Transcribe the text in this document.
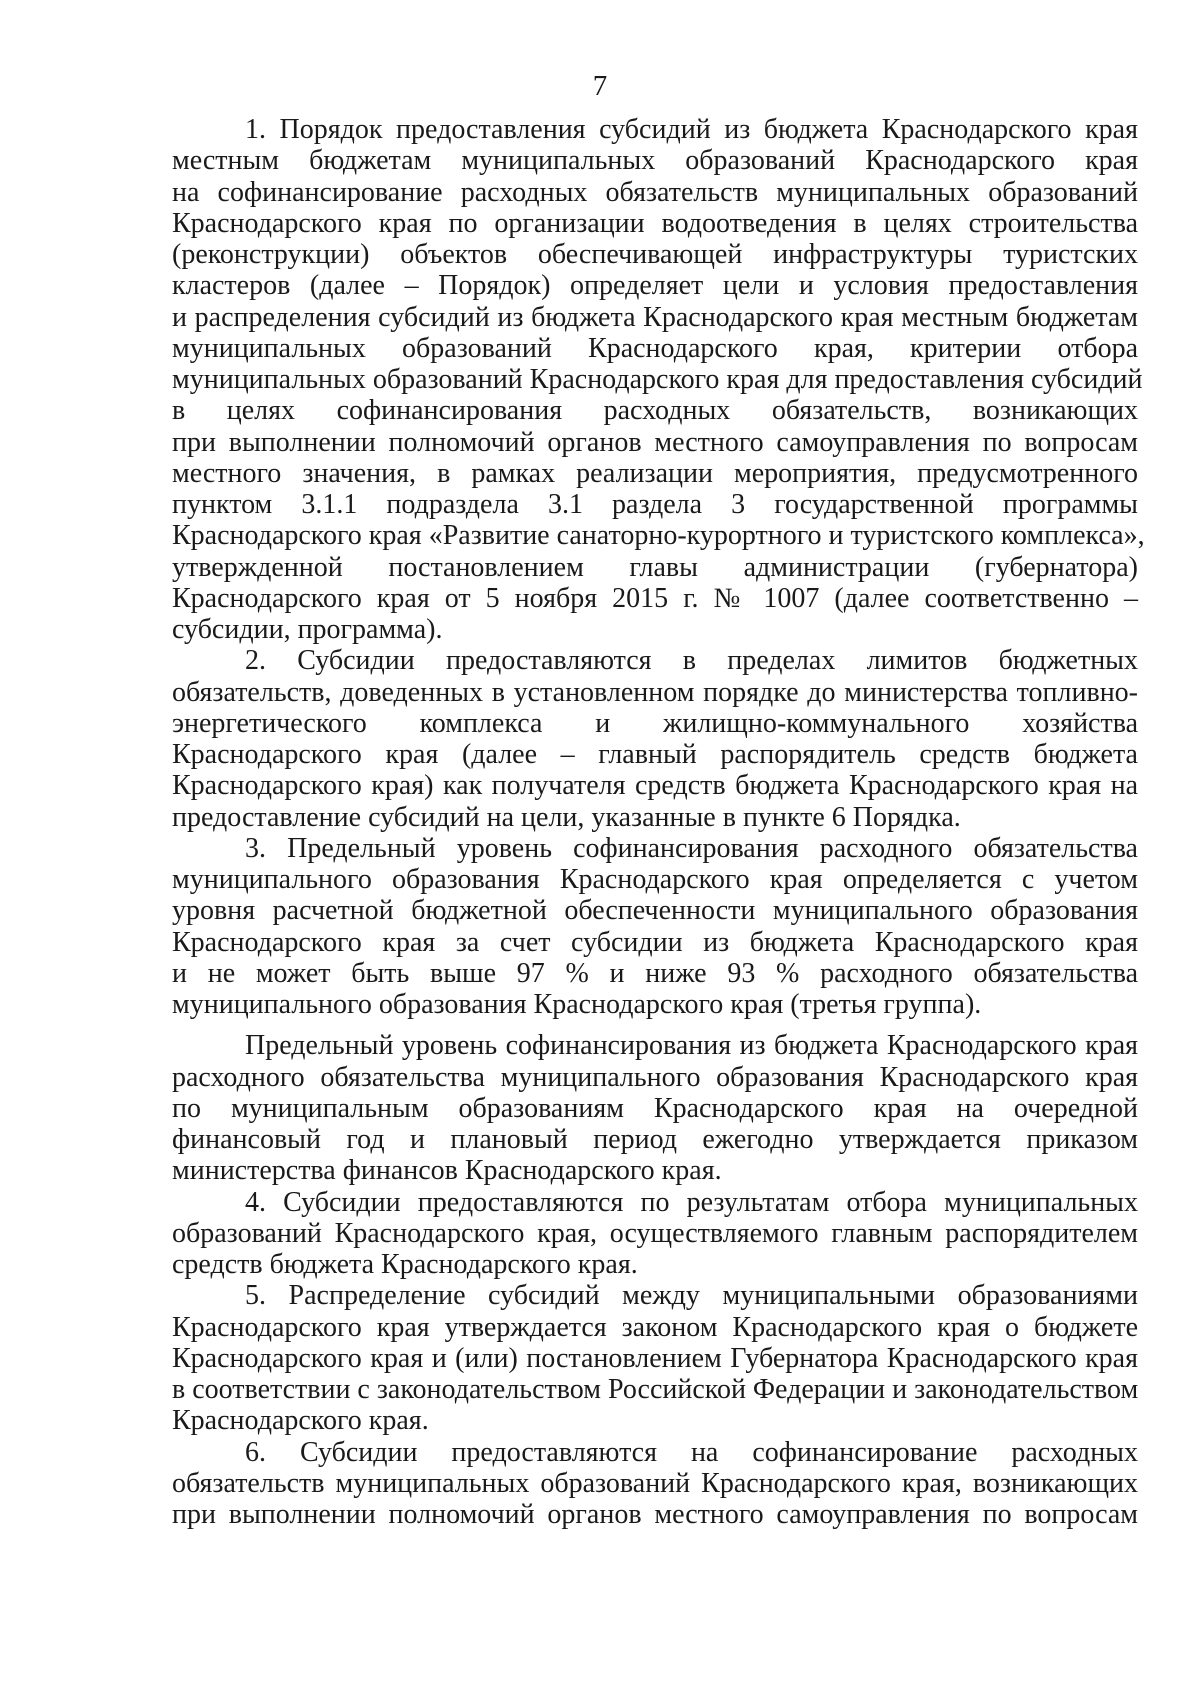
7
1. Порядок предоставления субсидий из бюджета Краснодарского края
местным бюджетам муниципальных образований Краснодарского края
на софинансирование расходных обязательств муниципальных образований
Краснодарского края по организации водоотведения в целях строительства
(реконструкции) объектов обеспечивающей инфраструктуры туристских
кластеров (далее – Порядок) определяет цели и условия предоставления
и распределения субсидий из бюджета Краснодарского края местным бюджетам
муниципальных образований Краснодарского края, критерии отбора
муниципальных образований Краснодарского края для предоставления субсидий
в целях софинансирования расходных обязательств, возникающих
при выполнении полномочий органов местного самоуправления по вопросам
местного значения, в рамках реализации мероприятия, предусмотренного
пунктом 3.1.1 подраздела 3.1 раздела 3 государственной программы
Краснодарского края «Развитие санаторно-курортного и туристского комплекса»,
утвержденной постановлением главы администрации (губернатора)
Краснодарского края от 5 ноября 2015 г. № 1007 (далее соответственно –
субсидии, программа).
2. Субсидии предоставляются в пределах лимитов бюджетных
обязательств, доведенных в установленном порядке до министерства топливно-
энергетического комплекса и жилищно-коммунального хозяйства
Краснодарского края (далее – главный распорядитель средств бюджета
Краснодарского края) как получателя средств бюджета Краснодарского края на
предоставление субсидий на цели, указанные в пункте 6 Порядка.
3. Предельный уровень софинансирования расходного обязательства
муниципального образования Краснодарского края определяется с учетом
уровня расчетной бюджетной обеспеченности муниципального образования
Краснодарского края за счет субсидии из бюджета Краснодарского края
и не может быть выше 97 % и ниже 93 % расходного обязательства
муниципального образования Краснодарского края (третья группа).
Предельный уровень софинансирования из бюджета Краснодарского края
расходного обязательства муниципального образования Краснодарского края
по муниципальным образованиям Краснодарского края на очередной
финансовый год и плановый период ежегодно утверждается приказом
министерства финансов Краснодарского края.
4. Субсидии предоставляются по результатам отбора муниципальных
образований Краснодарского края, осуществляемого главным распорядителем
средств бюджета Краснодарского края.
5. Распределение субсидий между муниципальными образованиями
Краснодарского края утверждается законом Краснодарского края о бюджете
Краснодарского края и (или) постановлением Губернатора Краснодарского края
в соответствии с законодательством Российской Федерации и законодательством
Краснодарского края.
6. Субсидии предоставляются на софинансирование расходных
обязательств муниципальных образований Краснодарского края, возникающих
при выполнении полномочий органов местного самоуправления по вопросам
